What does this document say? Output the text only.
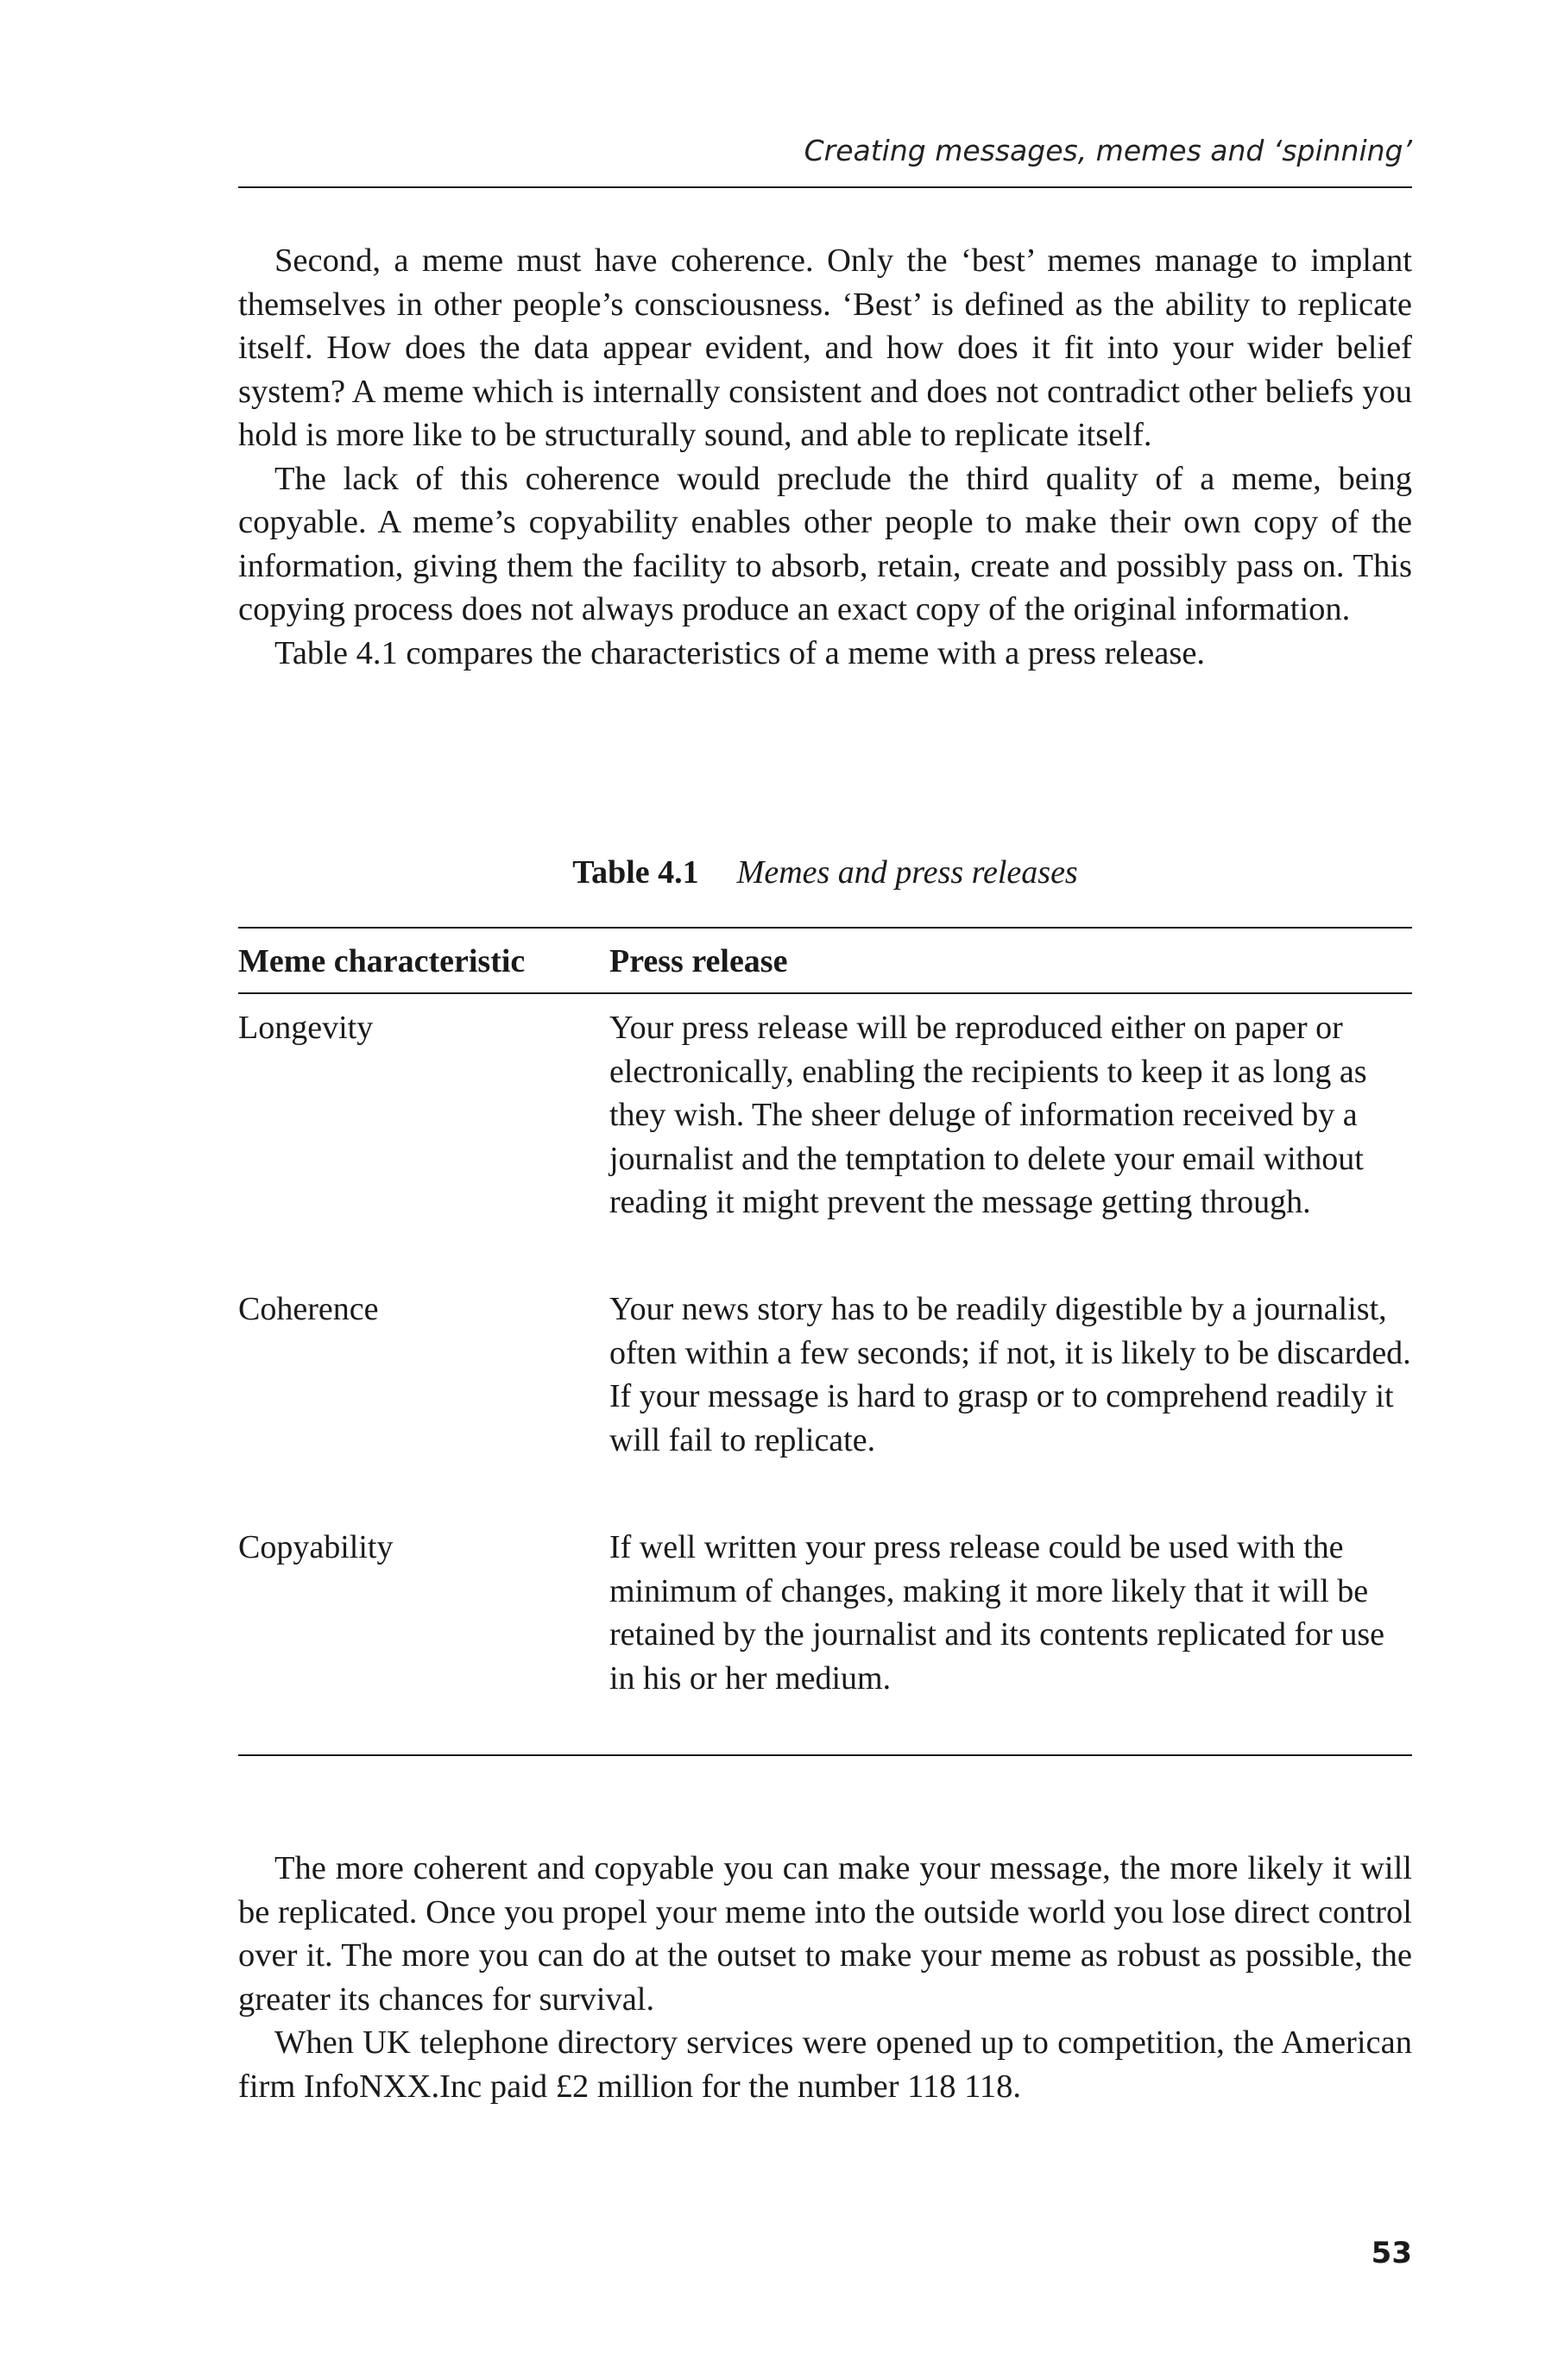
Creating messages, memes and ‘spinning’

Second, a meme must have coherence. Only the ‘best’ memes manage to implant themselves in other people’s consciousness. ‘Best’ is defined as the ability to replicate itself. How does the data appear evident, and how does it fit into your wider belief system? A meme which is internally consistent and does not contradict other beliefs you hold is more like to be structurally sound, and able to replicate itself.

The lack of this coherence would preclude the third quality of a meme, being copyable. A meme’s copyability enables other people to make their own copy of the information, giving them the facility to absorb, retain, create and possibly pass on. This copying process does not always produce an exact copy of the original information.

Table 4.1 compares the characteristics of a meme with a press release.

Table 4.1 Memes and press releases
Meme characteristic	Press release
Longevity	Your press release will be reproduced either on paper or electronically, enabling the recipients to keep it as long as they wish. The sheer deluge of information received by a journalist and the temptation to delete your email without reading it might prevent the message getting through.
Coherence	Your news story has to be readily digestible by a journalist, often within a few seconds; if not, it is likely to be discarded. If your message is hard to grasp or to comprehend readily it will fail to replicate.
Copyability	If well written your press release could be used with the minimum of changes, making it more likely that it will be retained by the journalist and its contents replicated for use in his or her medium.

The more coherent and copyable you can make your message, the more likely it will be replicated. Once you propel your meme into the outside world you lose direct control over it. The more you can do at the outset to make your meme as robust as possible, the greater its chances for survival.

When UK telephone directory services were opened up to competition, the American firm InfoNXX.Inc paid £2 million for the number 118 118.

53
